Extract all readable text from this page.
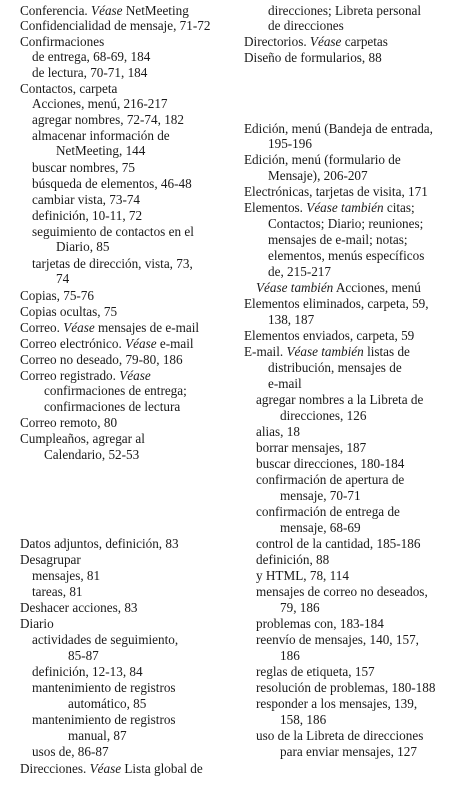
Conferencia. Véase NetMeeting
Confidencialidad de mensaje, 71-72
Confirmaciones
de entrega, 68-69, 184
de lectura, 70-71, 184
Contactos, carpeta
Acciones, menú, 216-217
agregar nombres, 72-74, 182
almacenar información de
NetMeeting, 144
buscar nombres, 75
búsqueda de elementos, 46-48
cambiar vista, 73-74
definición, 10-11, 72
seguimiento de contactos en el
Diario, 85
tarjetas de dirección, vista, 73,
74
Copias, 75-76
Copias ocultas, 75
Correo. Véase mensajes de e-mail
Correo electrónico. Véase e-mail
Correo no deseado, 79-80, 186
Correo registrado. Véase
confirmaciones de entrega;
confirmaciones de lectura
Correo remoto, 80
Cumpleaños, agregar al
Calendario, 52-53
Datos adjuntos, definición, 83
Desagrupar
mensajes, 81
tareas, 81
Deshacer acciones, 83
Diario
actividades de seguimiento,
85-87
definición, 12-13, 84
mantenimiento de registros
automático, 85
mantenimiento de registros
manual, 87
usos de, 86-87
Direcciones. Véase Lista global de
direcciones; Libreta personal
de direcciones
Directorios. Véase carpetas
Diseño de formularios, 88
Edición, menú (Bandeja de entrada,
195-196
Edición, menú (formulario de
Mensaje), 206-207
Electrónicas, tarjetas de visita, 171
Elementos. Véase también citas;
Contactos; Diario; reuniones;
mensajes de e-mail; notas;
elementos, menús específicos
de, 215-217
Véase también Acciones, menú
Elementos eliminados, carpeta, 59,
138, 187
Elementos enviados, carpeta, 59
E-mail. Véase también listas de
distribución, mensajes de
e-mail
agregar nombres a la Libreta de
direcciones, 126
alias, 18
borrar mensajes, 187
buscar direcciones, 180-184
confirmación de apertura de
mensaje, 70-71
confirmación de entrega de
mensaje, 68-69
control de la cantidad, 185-186
definición, 88
y HTML, 78, 114
mensajes de correo no deseados,
79, 186
problemas con, 183-184
reenvío de mensajes, 140, 157,
186
reglas de etiqueta, 157
resolución de problemas, 180-188
responder a los mensajes, 139,
158, 186
uso de la Libreta de direcciones
para enviar mensajes, 127
